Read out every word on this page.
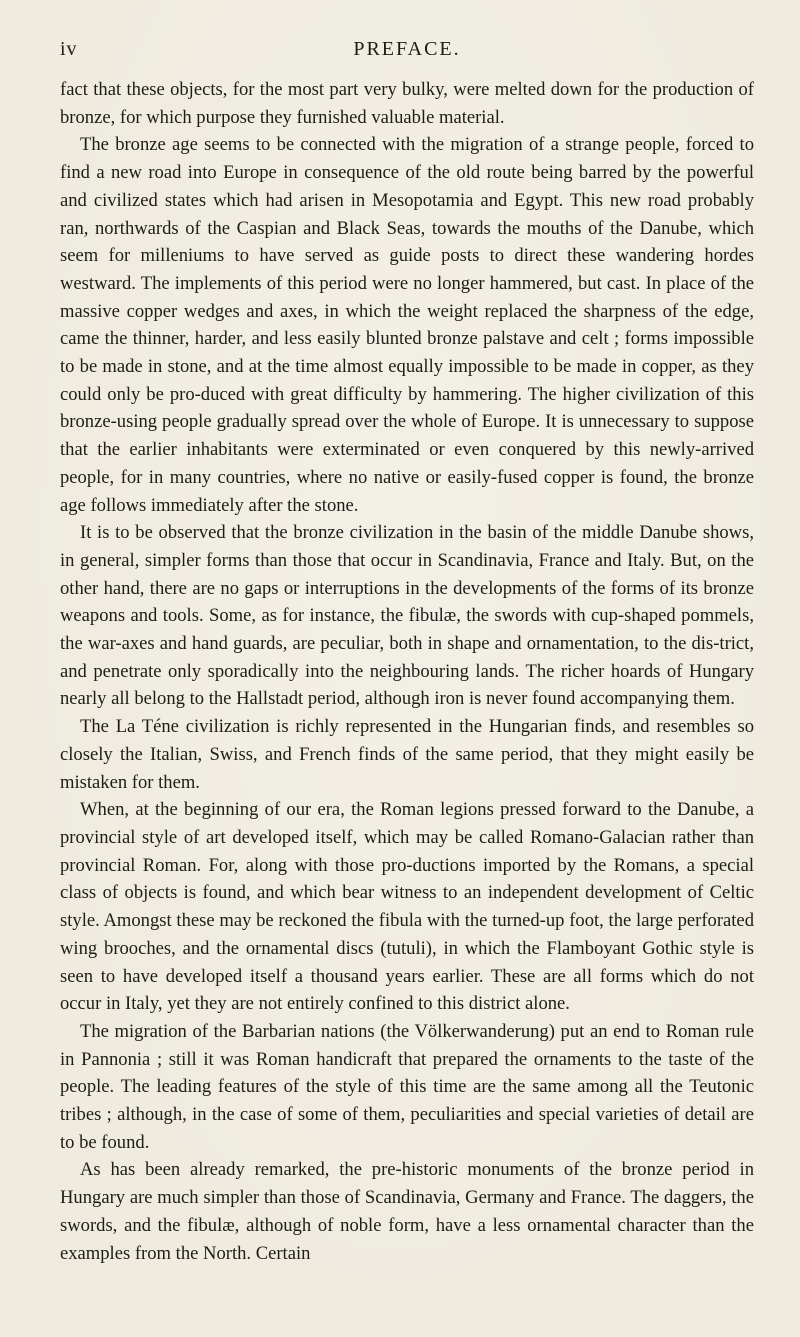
iv	PREFACE.

fact that these objects, for the most part very bulky, were melted down for the production of bronze, for which purpose they furnished valuable material.

The bronze age seems to be connected with the migration of a strange people, forced to find a new road into Europe in consequence of the old route being barred by the powerful and civilized states which had arisen in Mesopotamia and Egypt. This new road probably ran, northwards of the Caspian and Black Seas, towards the mouths of the Danube, which seem for milleniums to have served as guide posts to direct these wandering hordes westward. The implements of this period were no longer hammered, but cast. In place of the massive copper wedges and axes, in which the weight replaced the sharpness of the edge, came the thinner, harder, and less easily blunted bronze palstave and celt ; forms impossible to be made in stone, and at the time almost equally impossible to be made in copper, as they could only be pro-duced with great difficulty by hammering. The higher civilization of this bronze-using people gradually spread over the whole of Europe. It is unnecessary to suppose that the earlier inhabitants were exterminated or even conquered by this newly-arrived people, for in many countries, where no native or easily-fused copper is found, the bronze age follows immediately after the stone.

It is to be observed that the bronze civilization in the basin of the middle Danube shows, in general, simpler forms than those that occur in Scandinavia, France and Italy. But, on the other hand, there are no gaps or interruptions in the developments of the forms of its bronze weapons and tools. Some, as for instance, the fibulæ, the swords with cup-shaped pommels, the war-axes and hand guards, are peculiar, both in shape and ornamentation, to the dis-trict, and penetrate only sporadically into the neighbouring lands. The richer hoards of Hungary nearly all belong to the Hallstadt period, although iron is never found accompanying them.

The La Téne civilization is richly represented in the Hungarian finds, and resembles so closely the Italian, Swiss, and French finds of the same period, that they might easily be mistaken for them.

When, at the beginning of our era, the Roman legions pressed forward to the Danube, a provincial style of art developed itself, which may be called Romano-Galacian rather than provincial Roman. For, along with those pro-ductions imported by the Romans, a special class of objects is found, and which bear witness to an independent development of Celtic style. Amongst these may be reckoned the fibula with the turned-up foot, the large perforated wing brooches, and the ornamental discs (tutuli), in which the Flamboyant Gothic style is seen to have developed itself a thousand years earlier. These are all forms which do not occur in Italy, yet they are not entirely confined to this district alone.

The migration of the Barbarian nations (the Völkerwanderung) put an end to Roman rule in Pannonia ; still it was Roman handicraft that prepared the ornaments to the taste of the people. The leading features of the style of this time are the same among all the Teutonic tribes ; although, in the case of some of them, peculiarities and special varieties of detail are to be found.

As has been already remarked, the pre-historic monuments of the bronze period in Hungary are much simpler than those of Scandinavia, Germany and France. The daggers, the swords, and the fibulæ, although of noble form, have a less ornamental character than the examples from the North. Certain
